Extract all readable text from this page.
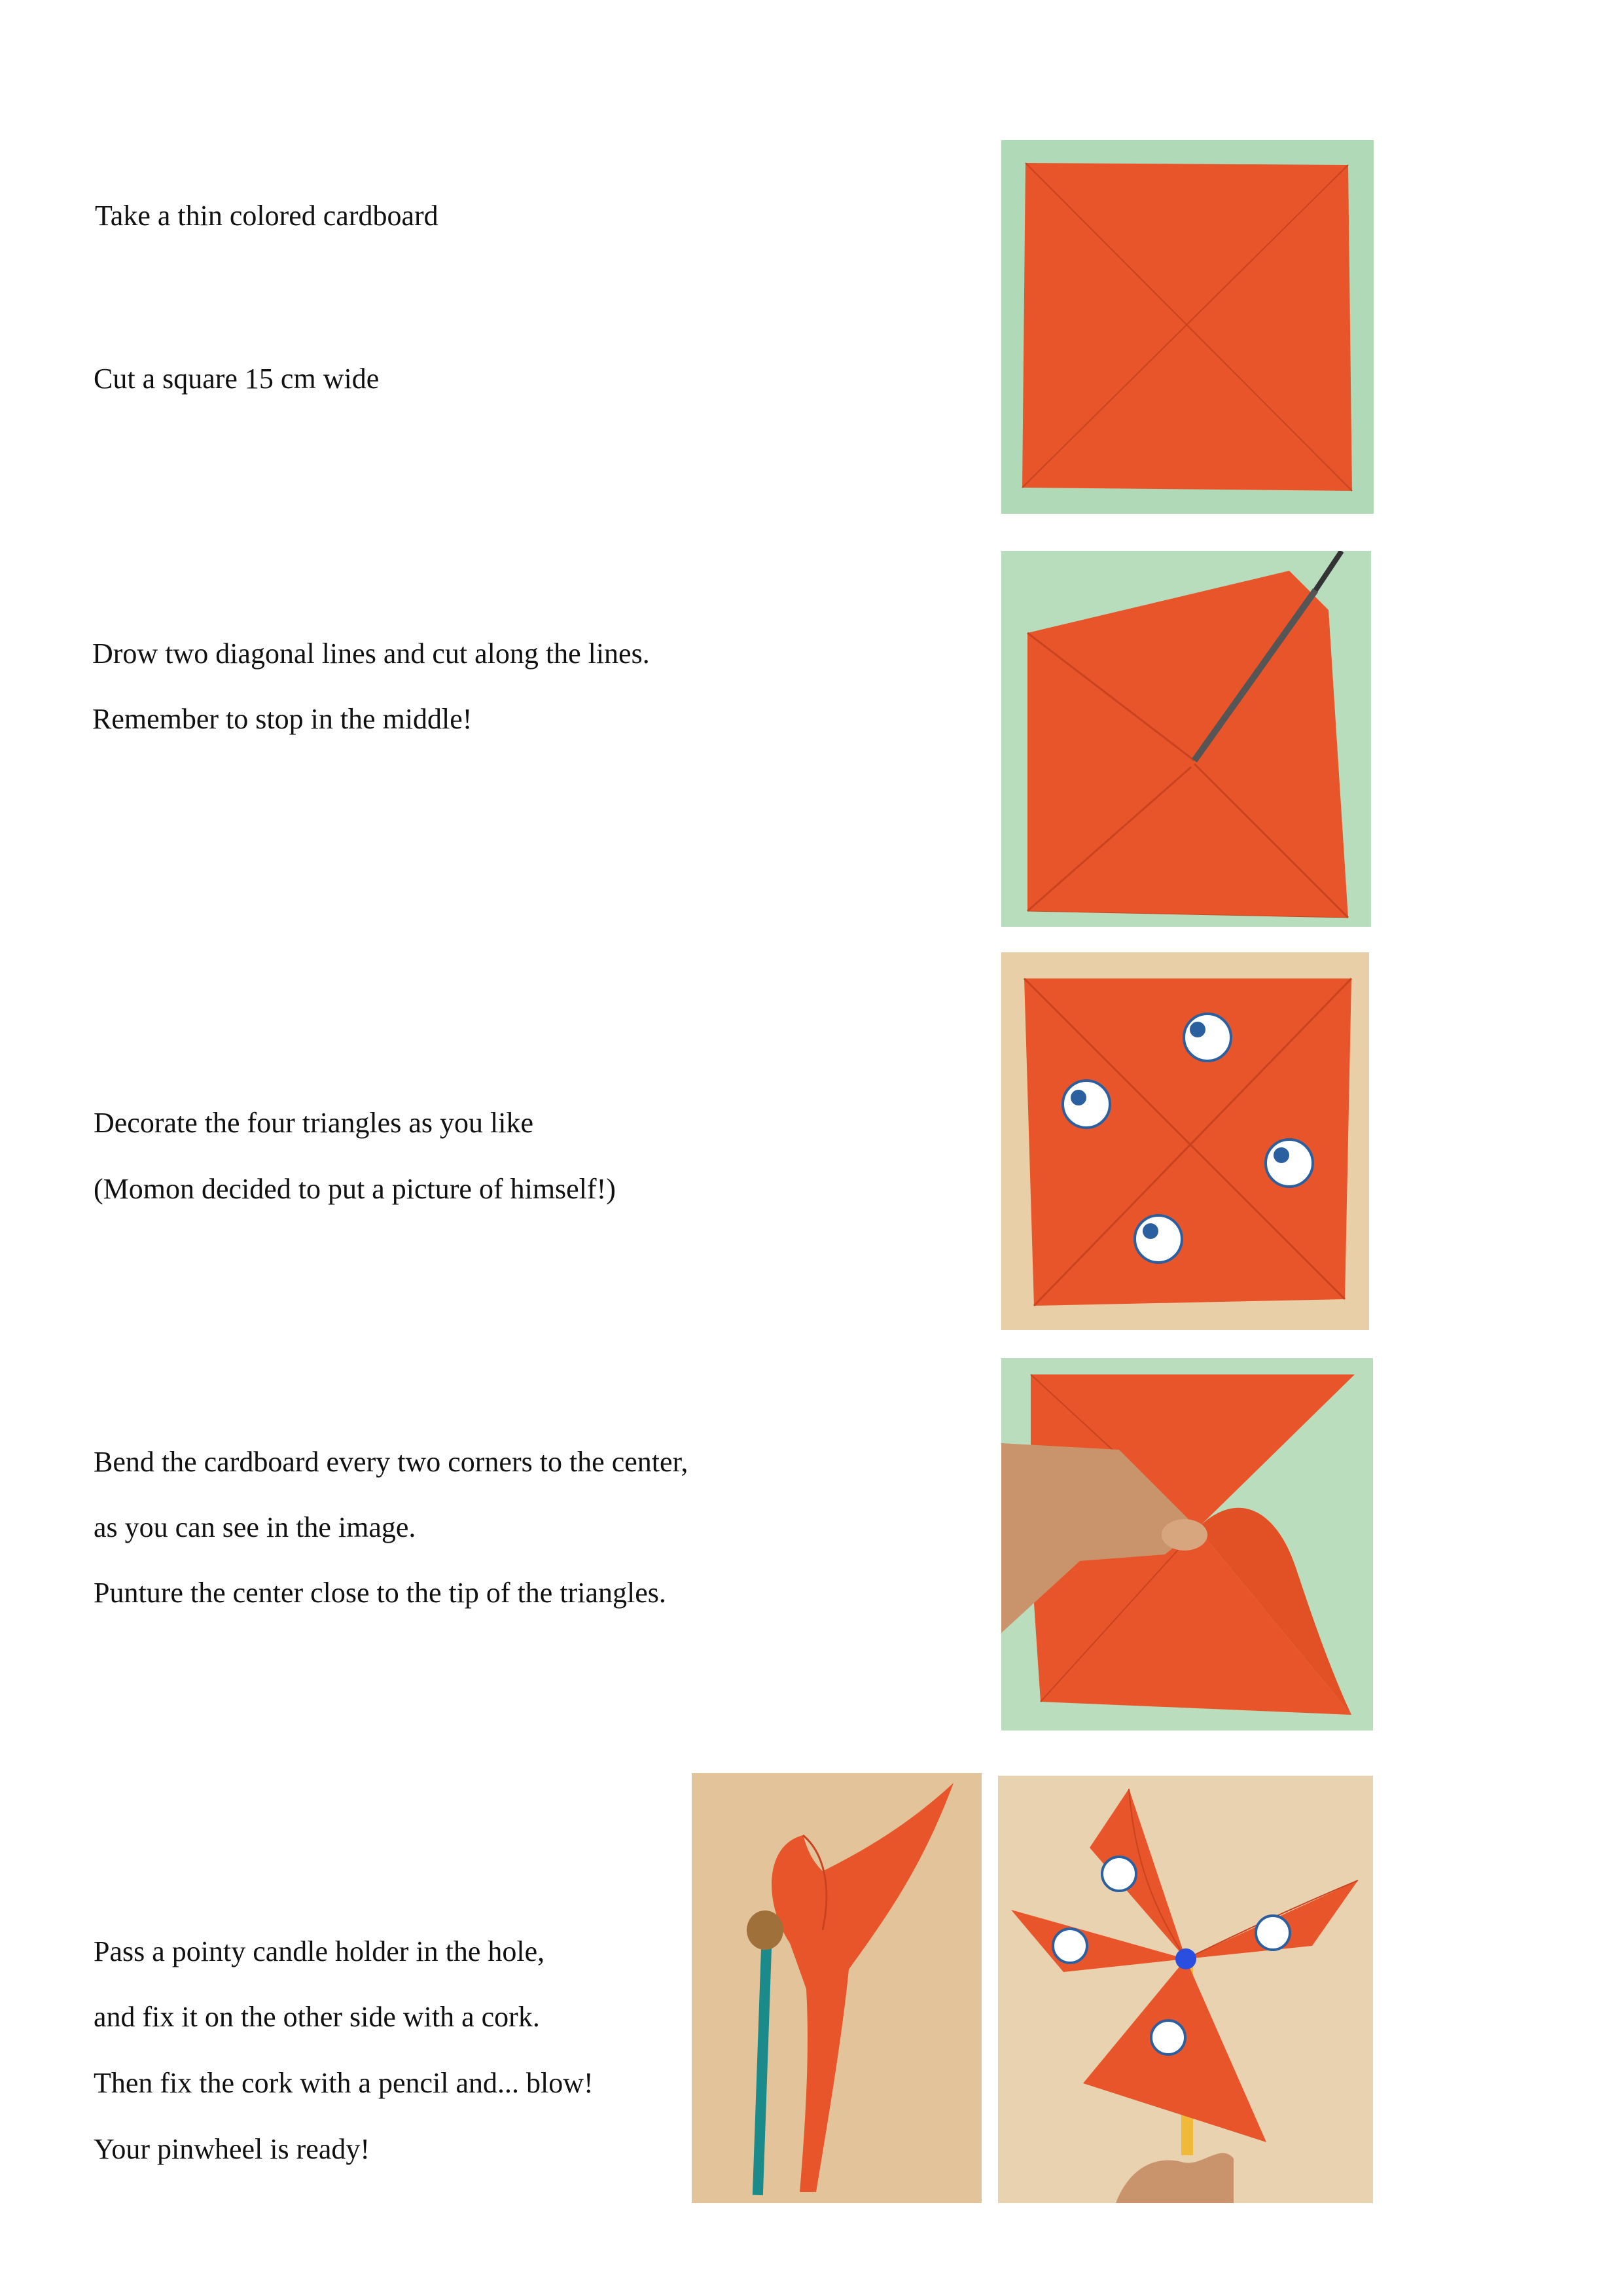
Take a thin colored cardboard

Cut a square 15 cm wide

Drow two diagonal lines and cut along the lines.

Remember to stop in the middle!

Decorate the four triangles as you like

(Momon decided to put a picture of himself!)

Bend the cardboard every two corners to the center,

as you can see in the image.

Punture the center close to the tip of the triangles.

Pass a pointy candle holder in the hole,

and fix it on the other side with a cork.

Then fix the cork with a pencil and... blow!

Your pinwheel is ready!
